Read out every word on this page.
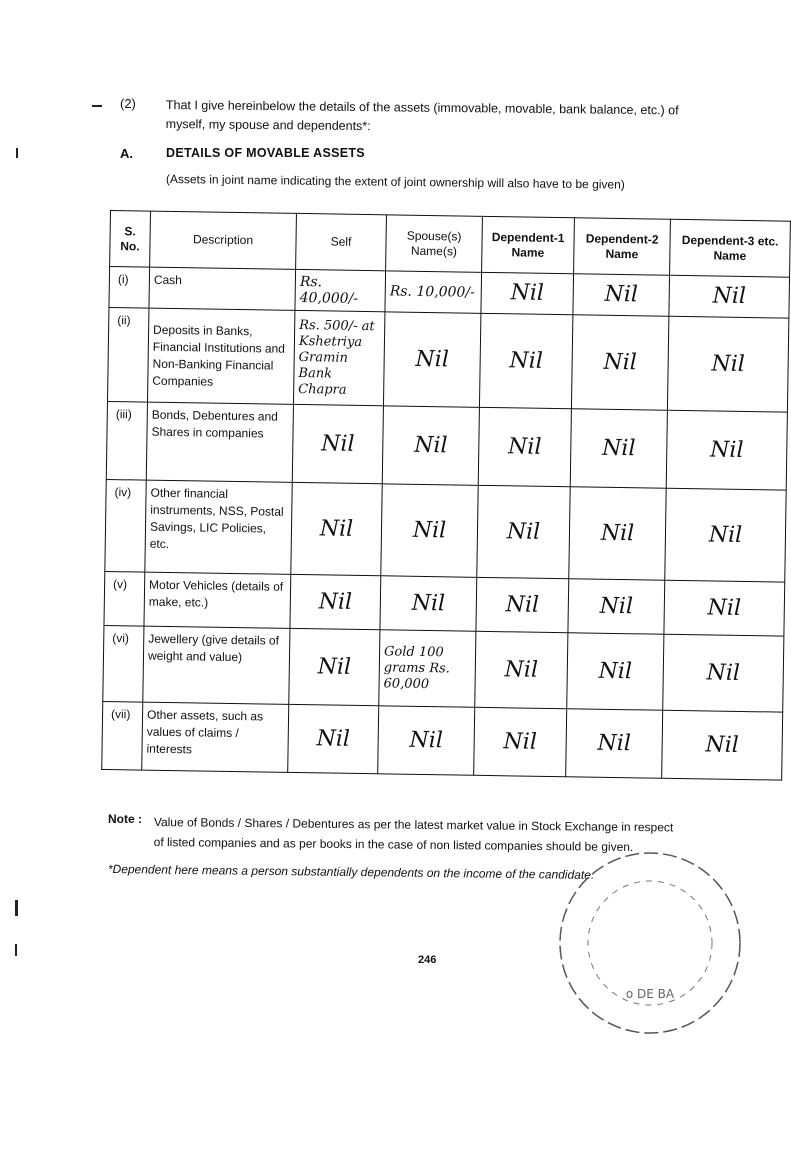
(2) That I give hereinbelow the details of the assets (immovable, movable, bank balance, etc.) of
myself, my spouse and dependents*:
A.	DETAILS OF MOVABLE ASSETS
(Assets in joint name indicating the extent of joint ownership will also have to be given)
S. No.	Description	Self	Spouse(s) Name(s)	Dependent-1 Name	Dependent-2 Name	Dependent-3 etc. Name
(i)	Cash	Rs. 40,000/-	Rs. 10,000/-	Nil	Nil	Nil
(ii)	Deposits in Banks, Financial Institutions and Non-Banking Financial Companies	Rs. 500/- at Kshetriya Gramin Bank Chapra	Nil	Nil	Nil	Nil
(iii)	Bonds, Debentures and Shares in companies	Nil	Nil	Nil	Nil	Nil
(iv)	Other financial instruments, NSS, Postal Savings, LIC Policies, etc.	Nil	Nil	Nil	Nil	Nil
(v)	Motor Vehicles (details of make, etc.)	Nil	Nil	Nil	Nil	Nil
(vi)	Jewellery (give details of weight and value)	Nil	Gold 100 grams Rs. 60,000	Nil	Nil	Nil
(vii)	Other assets, such as values of claims / interests	Nil	Nil	Nil	Nil	Nil
Note : Value of Bonds / Shares / Debentures as per the latest market value in Stock Exchange in respect
of listed companies and as per books in the case of non listed companies should be given.
*Dependent here means a person substantially dependents on the income of the candidate.
o DE BA
246
